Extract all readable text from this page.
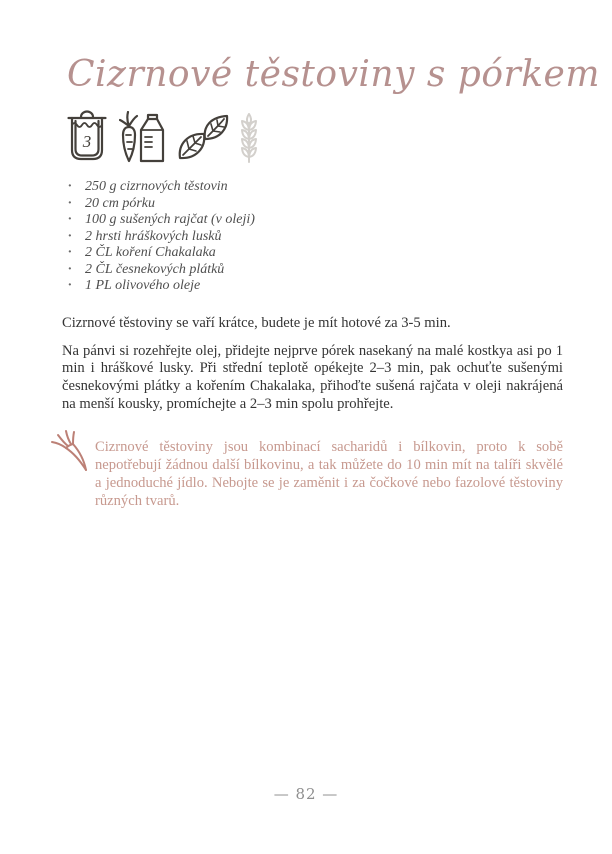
Cizrnové těstoviny s pórkem
3
· 250 g cizrnových těstovin
· 20 cm pórku
· 100 g sušených rajčat (v oleji)
· 2 hrsti hráškových lusků
· 2 ČL koření Chakalaka
· 2 ČL česnekových plátků
· 1 PL olivového oleje

Cizrnové těstoviny se vaří krátce, budete je mít hotové za 3-5 min.

Na pánvi si rozehřejte olej, přidejte nejprve pórek nasekaný na malé kostkya asi po 1 min i hráškové lusky. Při střední teplotě opékejte 2–3 min, pak ochuťte sušenými česnekovými plátky a kořením Chakalaka, přihoďte sušená rajčata v oleji nakrájená na menší kousky, promíchejte a 2–3 min spolu prohřejte.

Cizrnové těstoviny jsou kombinací sacharidů i bílkovin, proto k sobě nepotřebují žádnou další bílkovinu, a tak můžete do 10 min mít na talíři skvělé a jednoduché jídlo. Nebojte se je zaměnit i za čočkové nebo fazolové těstoviny různých tvarů.

— 82 —
